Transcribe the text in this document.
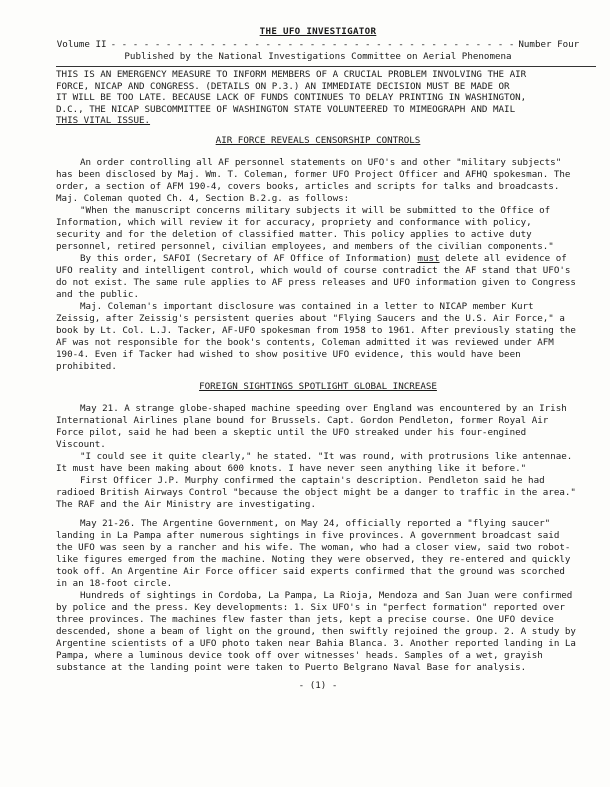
THE UFO INVESTIGATOR
Volume II - - - - - - - - - - - - - - - - - - - - - - - - - - - - - - - - - - - - - Number Four
Published by the National Investigations Committee on Aerial Phenomena
THIS IS AN EMERGENCY MEASURE TO INFORM MEMBERS OF A CRUCIAL PROBLEM INVOLVING THE AIR
FORCE, NICAP AND CONGRESS. (DETAILS ON P.3.) AN IMMEDIATE DECISION MUST BE MADE OR
IT WILL BE TOO LATE. BECAUSE LACK OF FUNDS CONTINUES TO DELAY PRINTING IN WASHINGTON,
D.C., THE NICAP SUBCOMMITTEE OF WASHINGTON STATE VOLUNTEERED TO MIMEOGRAPH AND MAIL
THIS VITAL ISSUE.
AIR FORCE REVEALS CENSORSHIP CONTROLS

An order controlling all AF personnel statements on UFO's and other "military subjects" has been disclosed by Maj. Wm. T. Coleman, former UFO Project Officer and AFHQ spokesman. The order, a section of AFM 190-4, covers books, articles and scripts for talks and broadcasts. Maj. Coleman quoted Ch. 4, Section B.2.g. as follows:

"When the manuscript concerns military subjects it will be submitted to the Office of Information, which will review it for accuracy, propriety and conformance with policy, security and for the deletion of classified matter. This policy applies to active duty personnel, retired personnel, civilian employees, and members of the civilian components."

By this order, SAFOI (Secretary of AF Office of Information) must delete all evidence of UFO reality and intelligent control, which would of course contradict the AF stand that UFO's do not exist. The same rule applies to AF press releases and UFO information given to Congress and the public.

Maj. Coleman's important disclosure was contained in a letter to NICAP member Kurt Zeissig, after Zeissig's persistent queries about "Flying Saucers and the U.S. Air Force," a book by Lt. Col. L.J. Tacker, AF-UFO spokesman from 1958 to 1961. After previously stating the AF was not responsible for the book's contents, Coleman admitted it was reviewed under AFM 190-4. Even if Tacker had wished to show positive UFO evidence, this would have been prohibited.

FOREIGN SIGHTINGS SPOTLIGHT GLOBAL INCREASE

May 21. A strange globe-shaped machine speeding over England was encountered by an Irish International Airlines plane bound for Brussels. Capt. Gordon Pendleton, former Royal Air Force pilot, said he had been a skeptic until the UFO streaked under his four-engined Viscount.

"I could see it quite clearly," he stated. "It was round, with protrusions like antennae. It must have been making about 600 knots. I have never seen anything like it before."

First Officer J.P. Murphy confirmed the captain's description. Pendleton said he had radioed British Airways Control "because the object might be a danger to traffic in the area." The RAF and the Air Ministry are investigating.

May 21-26. The Argentine Government, on May 24, officially reported a "flying saucer" landing in La Pampa after numerous sightings in five provinces. A government broadcast said the UFO was seen by a rancher and his wife. The woman, who had a closer view, said two robot-like figures emerged from the machine. Noting they were observed, they re-entered and quickly took off. An Argentine Air Force officer said experts confirmed that the ground was scorched in an 18-foot circle.

Hundreds of sightings in Cordoba, La Pampa, La Rioja, Mendoza and San Juan were confirmed by police and the press. Key developments: 1. Six UFO's in "perfect formation" reported over three provinces. The machines flew faster than jets, kept a precise course. One UFO device descended, shone a beam of light on the ground, then swiftly rejoined the group. 2. A study by Argentine scientists of a UFO photo taken near Bahia Blanca. 3. Another reported landing in La Pampa, where a luminous device took off over witnesses' heads. Samples of a wet, grayish substance at the landing point were taken to Puerto Belgrano Naval Base for analysis.

- (1) -
